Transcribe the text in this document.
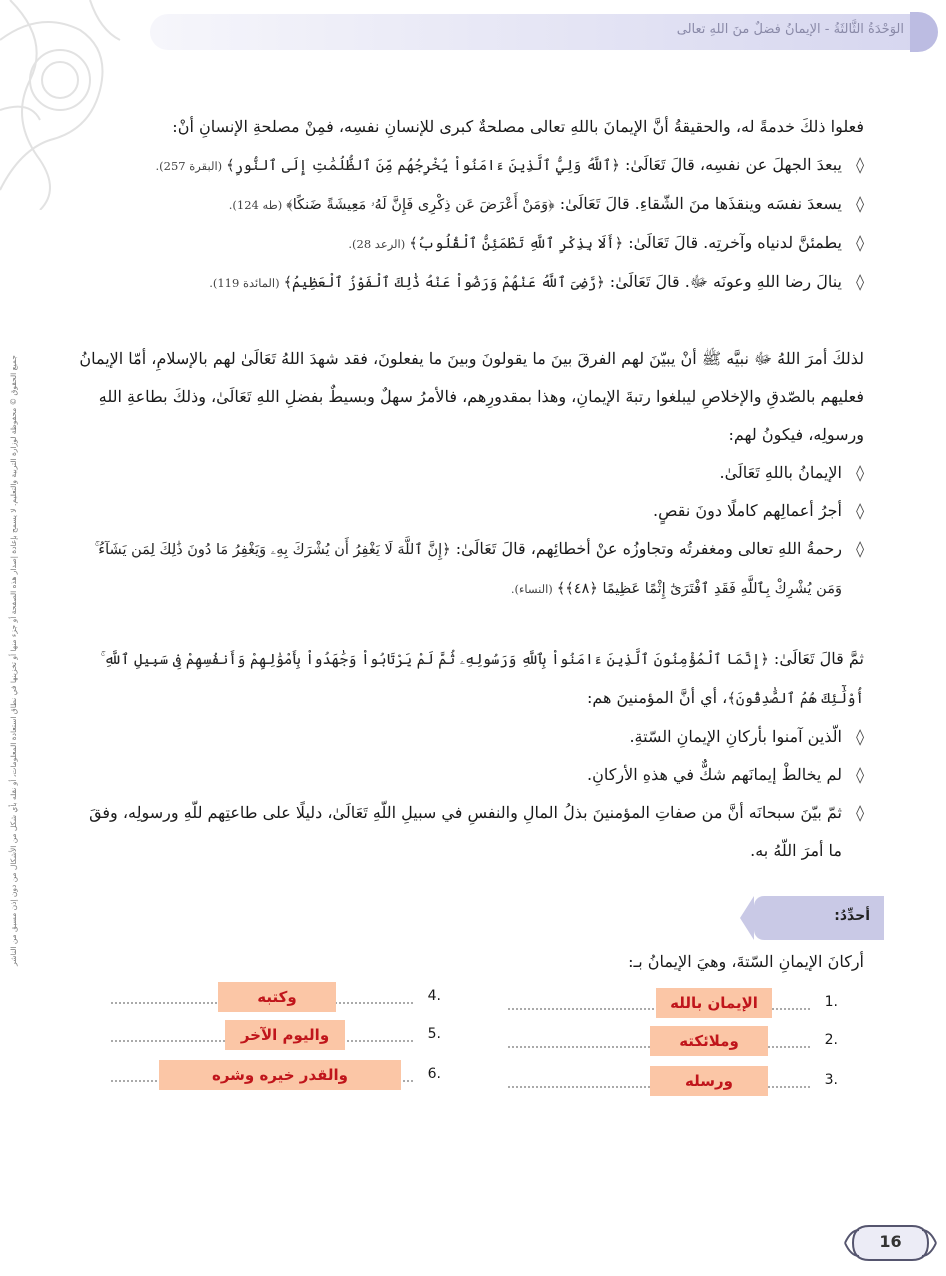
الوَحْدَةُ الثَّالثَةُ - الإيمانُ فضلٌ منَ اللهِ تعالى
جميع الحقوق © محفوظة لوزارة التربية والتعليم. لا يسمح بإعادة إصدار هذه الصفحة أو جزء منها أو تخزينها في نطاق استعادة المعلومات، أو نقله بأي شكل من الأشكال من دون إذن مسبق من الناشر

فعلوا ذلكَ خدمةً له، والحقيقةُ أنَّ الإيمانَ باللهِ تعالى مصلحةٌ كبرى للإنسانِ نفسِه، فمِنْ مصلحةِ الإنسانِ أنْ:

◊ يبعدَ الجهلَ عن نفسِه، قالَ تَعَالَىٰ: ﴿ٱللَّهُ وَلِيُّ ٱلَّذِينَ ءَامَنُواْ يُخْرِجُهُم مِّنَ ٱلظُّلُمَٰتِ إِلَى ٱلنُّورِ﴾(البقرة 257).

◊ يسعدَ نفسَه وينقذَها منَ الشّقاءِ. قالَ تَعَالَىٰ: ﴿وَمَنْ أَعْرَضَ عَن ذِكْرِى فَإِنَّ لَهُۥ مَعِيشَةً ضَنكًا﴾(طه 124).

◊ يطمئنَّ لدنياه وآخرتِه. قالَ تَعَالَىٰ: ﴿أَلَا بِذِكْرِ ٱللَّهِ تَطْمَئِنُّ ٱلْقُلُوبُ﴾(الرعد 28).

◊ ينالَ رضا اللهِ وعونَه ﷻ. قالَ تَعَالَىٰ: ﴿رَّضِىَ ٱللَّهُ عَنْهُمْ وَرَضُواْ عَنْهُ ذَٰلِكَ ٱلْفَوْزُ ٱلْعَظِيمُ﴾(المائدة 119).

لذلكَ أمرَ اللهُ ﷻ نبيَّه ﷺ أنْ يبيّنَ لهم الفرقَ بينَ ما يقولونَ وبينَ ما يفعلونَ، فقد شهدَ اللهُ تَعَالَىٰ لهم بالإسلامِ، أمّا الإيمانُ فعليهم بالصّدقِ والإخلاصِ ليبلغوا رتبةَ الإيمانِ، وهذا بمقدورِهم، فالأمرُ سهلٌ وبسيطٌ بفضلِ اللهِ تَعَالَىٰ، وذلكَ بطاعةِ اللهِ ورسولِه، فيكونُ لهم:

◊ الإيمانُ باللهِ تَعَالَىٰ.

◊ أجرُ أعمالِهم كاملًا دونَ نقصٍ.

◊ رحمةُ اللهِ تعالى ومغفرتُه وتجاوزُه عنْ أخطائِهم، قالَ تَعَالَىٰ: ﴿إِنَّ ٱللَّهَ لَا يَغْفِرُ أَن يُشْرَكَ بِهِۦ وَيَغْفِرُ مَا دُونَ ذَٰلِكَ لِمَن يَشَآءُ ۚ وَمَن يُشْرِكْ بِٱللَّهِ فَقَدِ ٱفْتَرَىٰٓ إِثْمًا عَظِيمًا ﴿٤٨﴾﴾(النساء).

ثمَّ قالَ تَعَالَىٰ: ﴿إِنَّمَا ٱلْمُؤْمِنُونَ ٱلَّذِينَ ءَامَنُواْ بِٱللَّهِ وَرَسُولِهِۦ ثُمَّ لَمْ يَرْتَابُواْ وَجَٰهَدُواْ بِأَمْوَٰلِهِمْ وَأَنفُسِهِمْ فِى سَبِيلِ ٱللَّهِ ۚ أُوْلَٰٓئِكَ هُمُ ٱلصَّٰدِقُونَ﴾، أي أنَّ المؤمنينَ هم:

◊ الّذين آمنوا بأركانِ الإيمانِ السّتةِ.

◊ لم يخالطْ إيمانَهم شكٌّ في هذهِ الأركانِ.

◊ ثمّ بيّنَ سبحانَه أنَّ من صفاتِ المؤمنينَ بذلُ المالِ والنفسِ في سبيلِ اللّهِ تَعَالَىٰ، دليلًا على طاعتِهم للّهِ ورسولِه، وفقَ ما أمرَ اللّهُ به.

أحدِّدُ:
أركانَ الإيمانِ السّتةَ، وهيَ الإيمانُ بـ:
1.
الإيمان بالله
2.
وملائكته
3.
ورسله
4.
وكتبه
5.
واليوم الآخر
6.
والقدر خيره وشره
16
